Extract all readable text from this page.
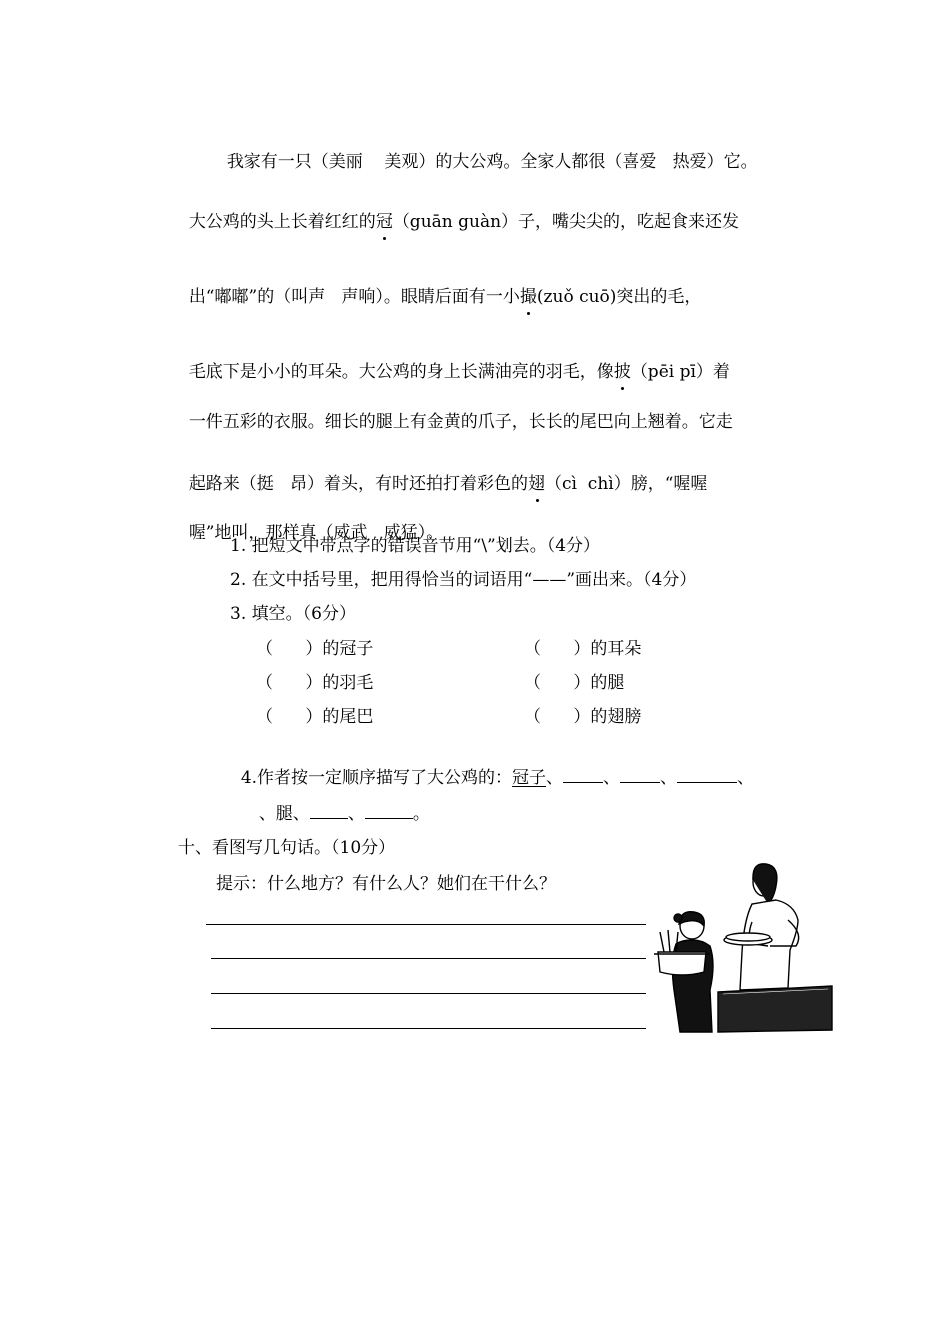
我家有一只（美丽    美观）的大公鸡。全家人都很（喜爱   热爱）它。

大公鸡的头上长着红红的冠（guān guàn）子，嘴尖尖的，吃起食来还发

出“嘟嘟”的（叫声   声响）。眼睛后面有一小撮(zuǒ cuō)突出的毛，

毛底下是小小的耳朵。大公鸡的身上长满油亮的羽毛，像披（pēi pī）着

一件五彩的衣服。细长的腿上有金黄的爪子，长长的尾巴向上翘着。它走

起路来（挺   昂）着头，有时还拍打着彩色的翅（cì  chì）膀，“喔喔

喔”地叫，那样真（威武   威猛）。

1. 把短文中带点字的错误音节用“\”划去。（4分）
2. 在文中括号里，把用得恰当的词语用“——”画出来。（4分）
3. 填空。（6分）
（      ）的冠子	（      ）的耳朵
（      ）的羽毛	（      ）的腿
（      ）的尾巴	（      ）的翅膀

4.作者按一定顺序描写了大公鸡的：冠子、 、 、	、

、腿、 、	。

十、看图写几句话。（10分）
提示：什么地方？有什么人？她们在干什么？
